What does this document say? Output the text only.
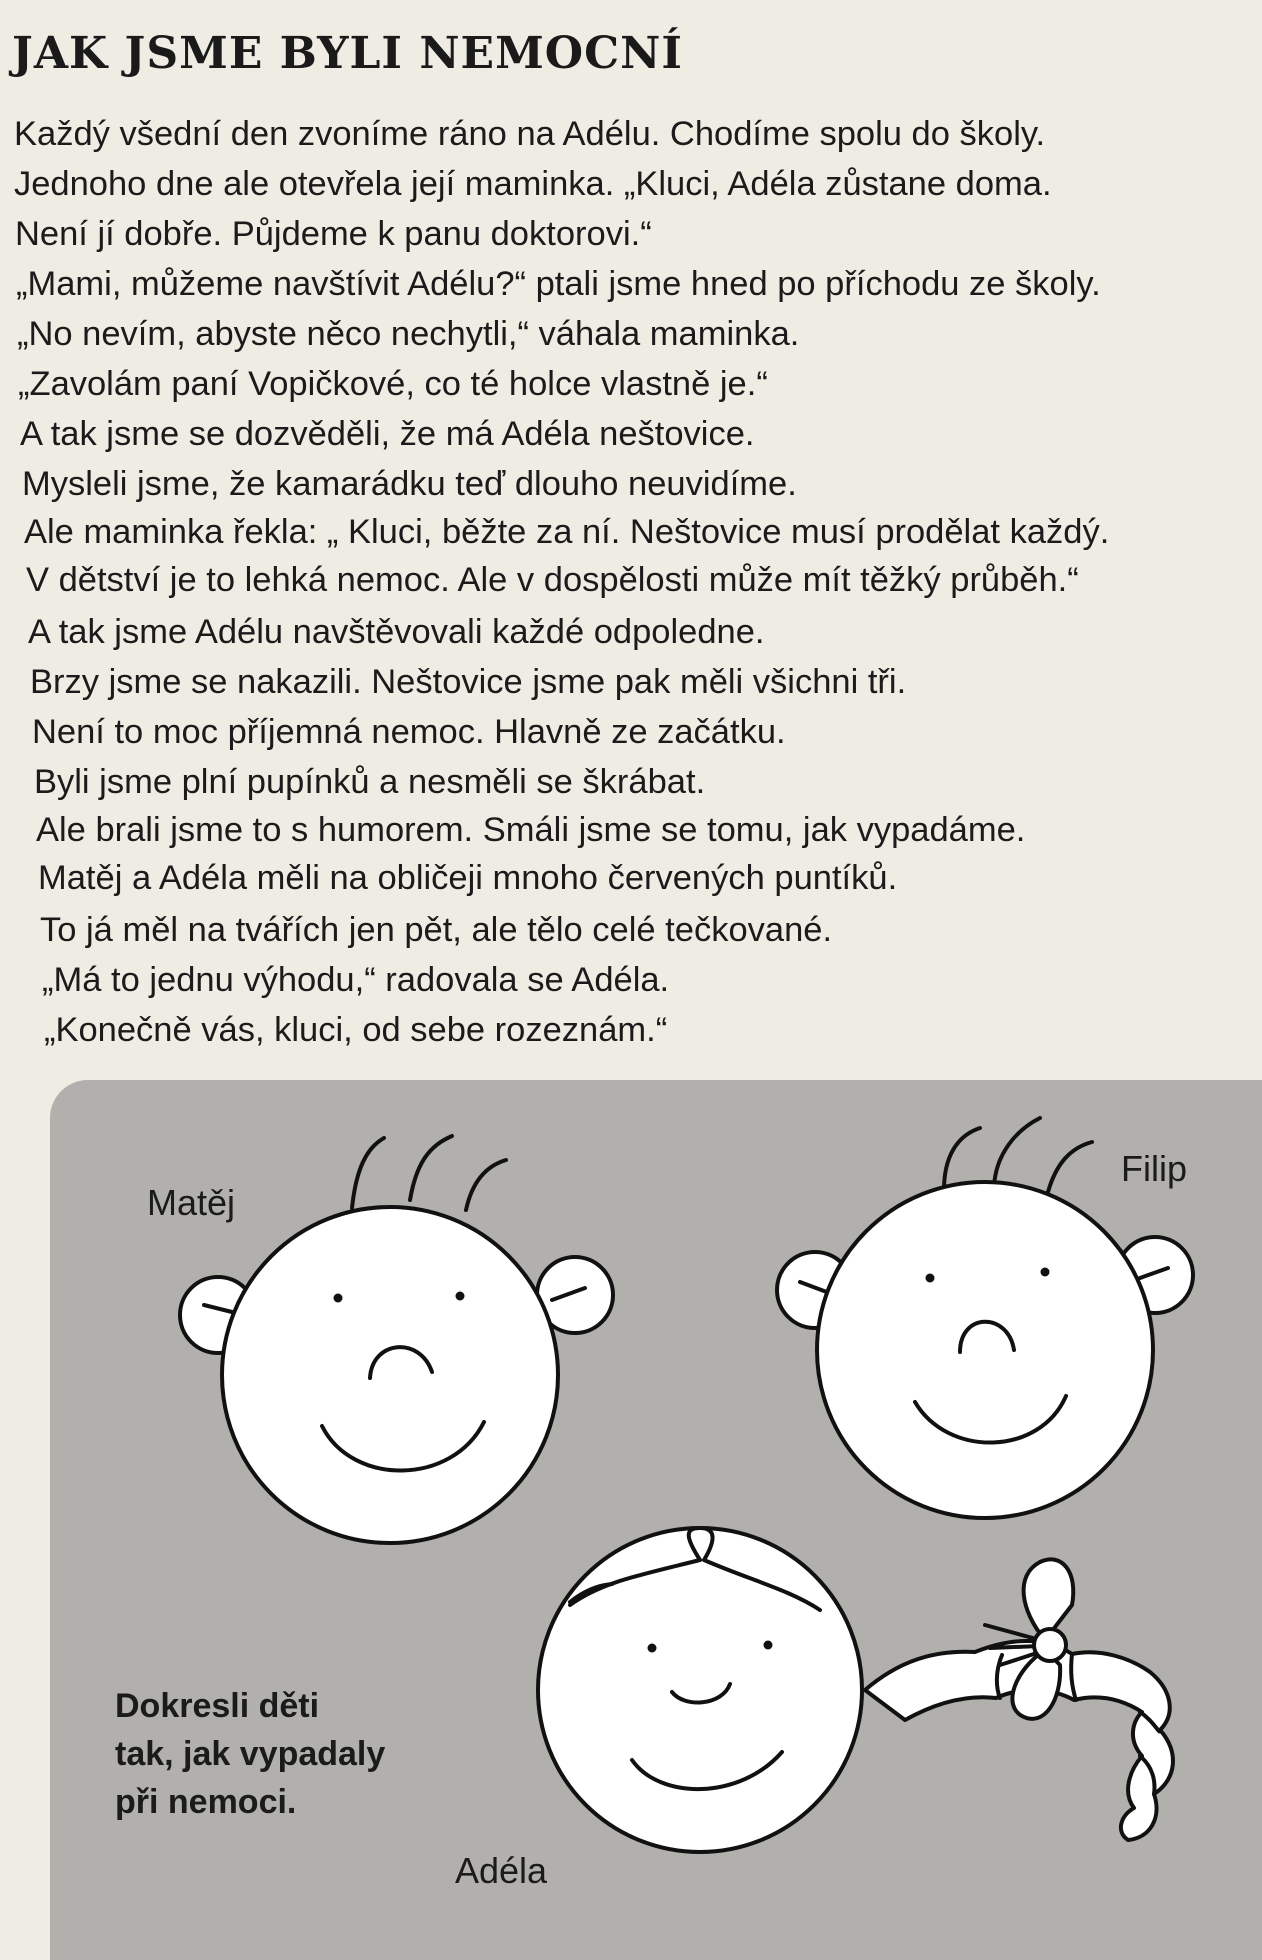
JAK JSME BYLI NEMOCNÍ
Každý všední den zvoníme ráno na Adélu. Chodíme spolu do školy.
Jednoho dne ale otevřela její maminka. „Kluci, Adéla zůstane doma.
Není jí dobře. Půjdeme k panu doktorovi.“
„Mami, můžeme navštívit Adélu?“ ptali jsme hned po příchodu ze školy.
„No nevím, abyste něco nechytli,“ váhala maminka.
„Zavolám paní Vopičkové, co té holce vlastně je.“
A tak jsme se dozvěděli, že má Adéla neštovice.
Mysleli jsme, že kamarádku teď dlouho neuvidíme.
Ale maminka řekla: „ Kluci, běžte za ní. Neštovice musí prodělat každý.
V dětství je to lehká nemoc. Ale v dospělosti může mít těžký průběh.“
A tak jsme Adélu navštěvovali každé odpoledne.
Brzy jsme se nakazili. Neštovice jsme pak měli všichni tři.
Není to moc příjemná nemoc. Hlavně ze začátku.
Byli jsme plní pupínků a nesměli se škrábat.
Ale brali jsme to s humorem. Smáli jsme se tomu, jak vypadáme.
Matěj a Adéla měli na obličeji mnoho červených puntíků.
To já měl na tvářích jen pět, ale tělo celé tečkované.
„Má to jednu výhodu,“ radovala se Adéla.
„Konečně vás, kluci, od sebe rozeznám.“
Matěj
Filip
Adéla
Dokresli děti
tak, jak vypadaly
při nemoci.
